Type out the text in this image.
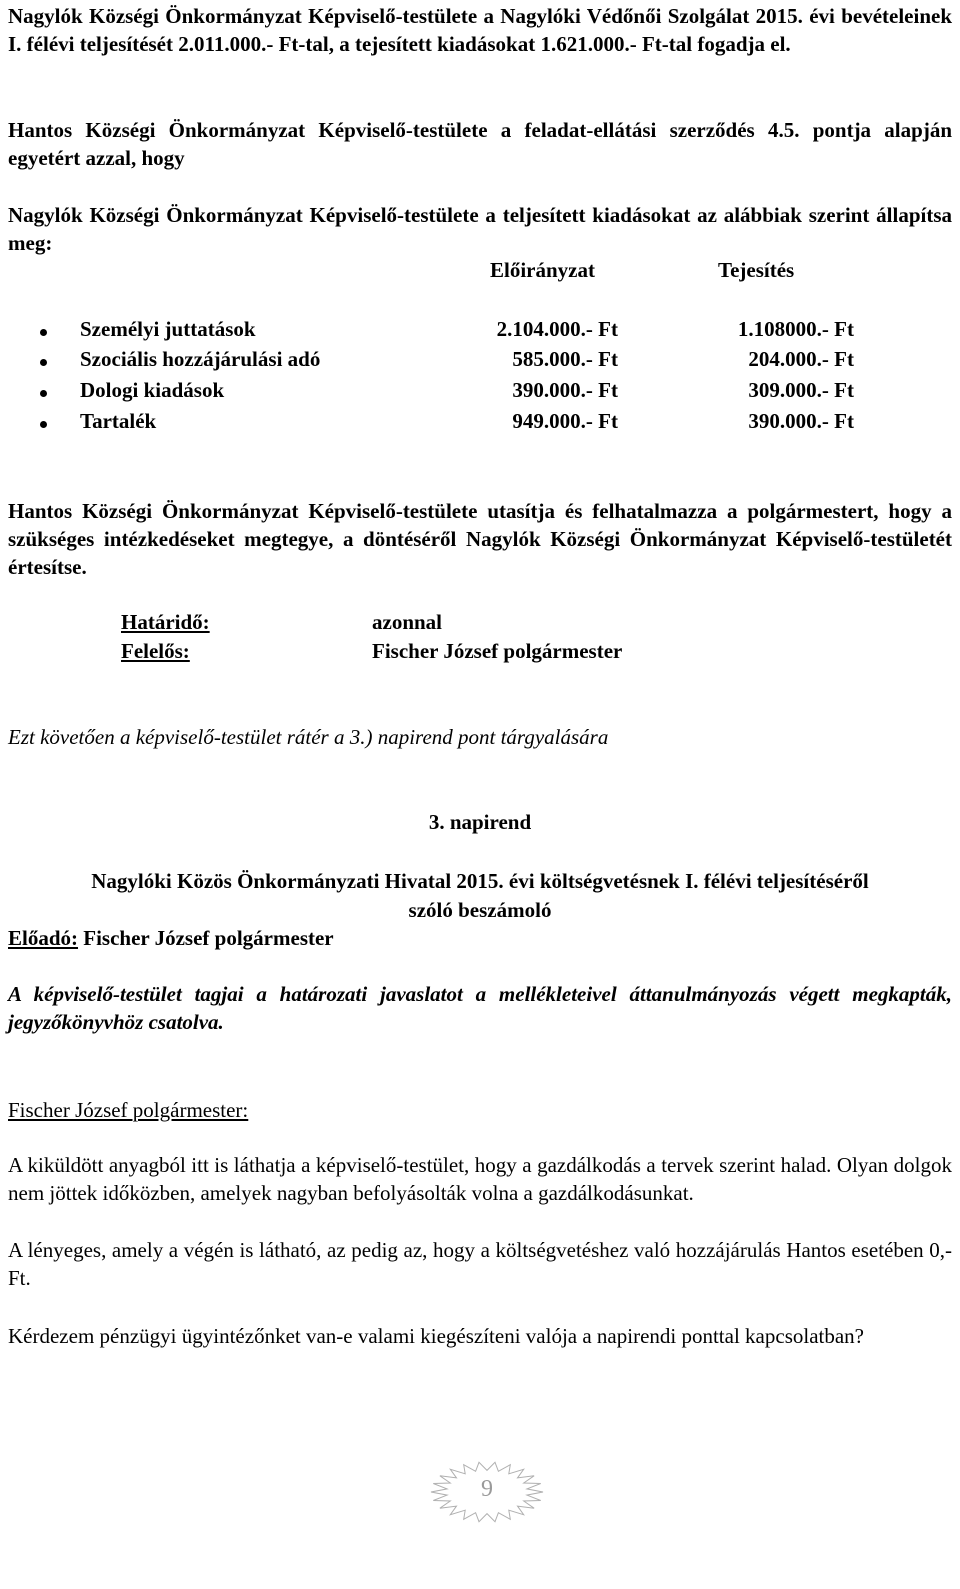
Nagylók Községi Önkormányzat Képviselő-testülete a Nagylóki Védőnői Szolgálat 2015. évi bevételeinek I. félévi teljesítését 2.011.000.- Ft-tal, a tejesített kiadásokat 1.621.000.- Ft-tal fogadja el.

Hantos Községi Önkormányzat Képviselő-testülete a feladat-ellátási szerződés 4.5. pontja alapján egyetért azzal, hogy

Nagylók Községi Önkormányzat Képviselő-testülete a teljesített kiadásokat az alábbiak szerint állapítsa meg:

Előirányzat	Tejesítés
Személyi juttatások	2.104.000.- Ft	1.108000.- Ft
Szociális hozzájárulási adó	585.000.- Ft	204.000.- Ft
Dologi kiadások	390.000.- Ft	309.000.- Ft
Tartalék	949.000.- Ft	390.000.- Ft

Hantos Községi Önkormányzat Képviselő-testülete utasítja és felhatalmazza a polgármestert, hogy a szükséges intézkedéseket megtegye, a döntéséről Nagylók Községi Önkormányzat Képviselő-testületét értesítse.

Határidő:	azonnal
Felelős:	Fischer József polgármester

Ezt követően a képviselő-testület rátér a 3.) napirend pont tárgyalására

3. napirend

Nagylóki Közös Önkormányzati Hivatal 2015. évi költségvetésnek I. félévi teljesítéséről

szóló beszámoló

Előadó: Fischer József polgármester

A képviselő-testület tagjai a határozati javaslatot a mellékleteivel áttanulmányozás végett megkapták, jegyzőkönyvhöz csatolva.

Fischer József polgármester:

A kiküldött anyagból itt is láthatja a képviselő-testület, hogy a gazdálkodás a tervek szerint halad. Olyan dolgok nem jöttek időközben, amelyek nagyban befolyásolták volna a gazdálkodásunkat.

A lényeges, amely a végén is látható, az pedig az, hogy a költségvetéshez való hozzájárulás Hantos esetében 0,-Ft.

Kérdezem pénzügyi ügyintézőnket van-e valami kiegészíteni valója a napirendi ponttal kapcsolatban?

9
